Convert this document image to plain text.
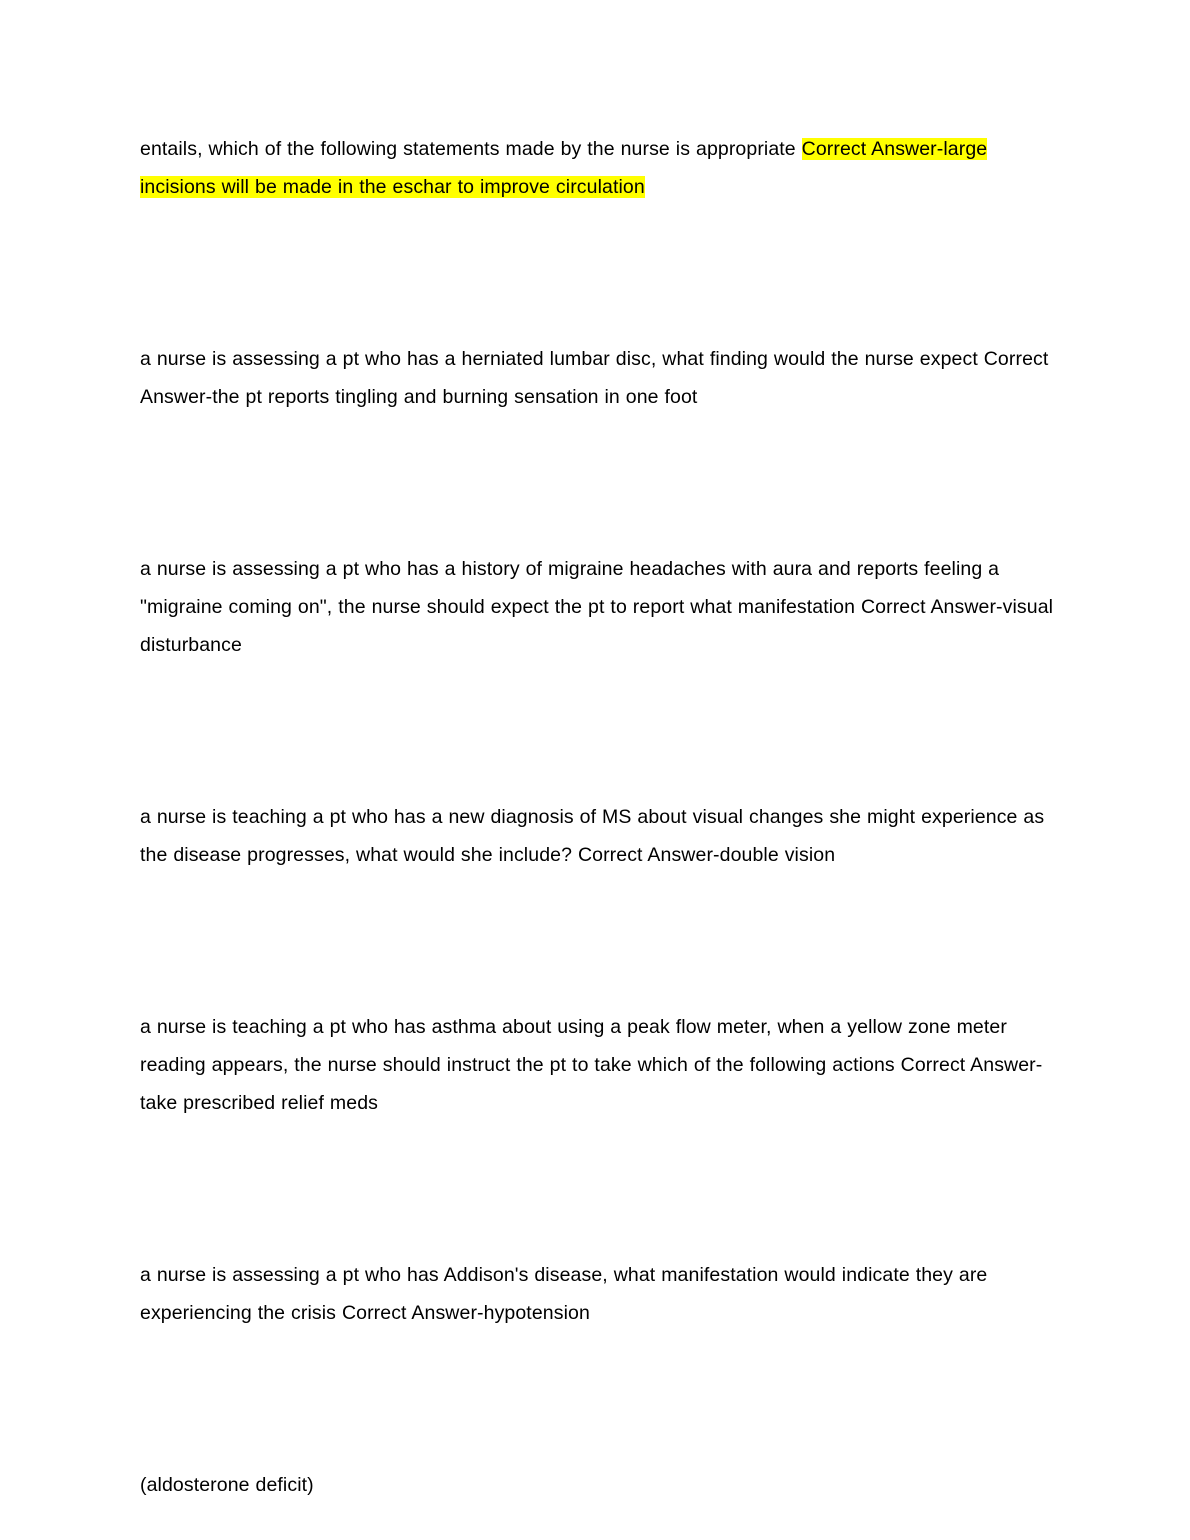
entails, which of the following statements made by the nurse is appropriate Correct Answer-large incisions will be made in the eschar to improve circulation

a nurse is assessing a pt who has a herniated lumbar disc, what finding would the nurse expect Correct Answer-the pt reports tingling and burning sensation in one foot

a nurse is assessing a pt who has a history of migraine headaches with aura and reports feeling a "migraine coming on", the nurse should expect the pt to report what manifestation Correct Answer-visual disturbance

a nurse is teaching a pt who has a new diagnosis of MS about visual changes she might experience as the disease progresses, what would she include? Correct Answer-double vision

a nurse is teaching a pt who has asthma about using a peak flow meter, when a yellow zone meter reading appears, the nurse should instruct the pt to take which of the following actions Correct Answer-take prescribed relief meds

a nurse is assessing a pt who has Addison's disease, what manifestation would indicate they are experiencing the crisis Correct Answer-hypotension

(aldosterone deficit)
